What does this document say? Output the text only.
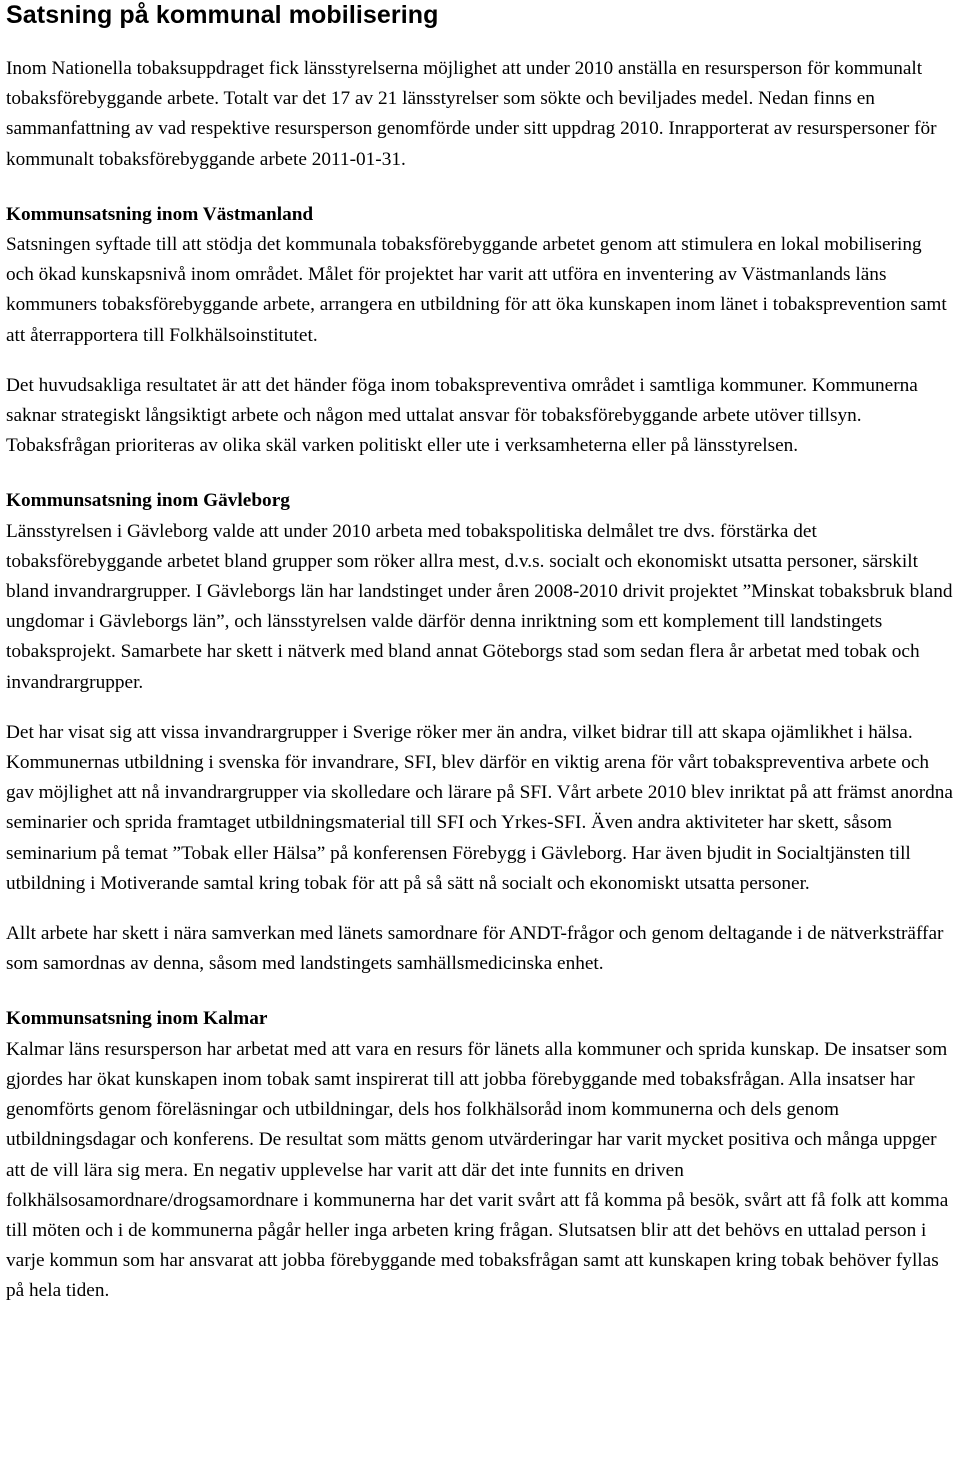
Satsning på kommunal mobilisering

Inom Nationella tobaksuppdraget fick länsstyrelserna möjlighet att under 2010 anställa en resursperson för kommunalt tobaksförebyggande arbete. Totalt var det 17 av 21 länsstyrelser som sökte och beviljades medel. Nedan finns en sammanfattning av vad respektive resursperson genomförde under sitt uppdrag 2010. Inrapporterat av resurspersoner för kommunalt tobaksförebyggande arbete 2011-01-31.

Kommunsatsning inom Västmanland

Satsningen syftade till att stödja det kommunala tobaksförebyggande arbetet genom att stimulera en lokal mobilisering och ökad kunskapsnivå inom området. Målet för projektet har varit att utföra en inventering av Västmanlands läns kommuners tobaksförebyggande arbete, arrangera en utbildning för att öka kunskapen inom länet i tobaksprevention samt att återrapportera till Folkhälsoinstitutet.

Det huvudsakliga resultatet är att det händer föga inom tobakspreventiva området i samtliga kommuner. Kommunerna saknar strategiskt långsiktigt arbete och någon med uttalat ansvar för tobaksförebyggande arbete utöver tillsyn. Tobaksfrågan prioriteras av olika skäl varken politiskt eller ute i verksamheterna eller på länsstyrelsen.

Kommunsatsning inom Gävleborg

Länsstyrelsen i Gävleborg valde att under 2010 arbeta med tobakspolitiska delmålet tre dvs. förstärka det tobaksförebyggande arbetet bland grupper som röker allra mest, d.v.s. socialt och ekonomiskt utsatta personer, särskilt bland invandrargrupper. I Gävleborgs län har landstinget under åren 2008-2010 drivit projektet ”Minskat tobaksbruk bland ungdomar i Gävleborgs län”, och länsstyrelsen valde därför denna inriktning som ett komplement till landstingets tobaksprojekt. Samarbete har skett i nätverk med bland annat Göteborgs stad som sedan flera år arbetat med tobak och invandrargrupper.

Det har visat sig att vissa invandrargrupper i Sverige röker mer än andra, vilket bidrar till att skapa ojämlikhet i hälsa. Kommunernas utbildning i svenska för invandrare, SFI, blev därför en viktig arena för vårt tobakspreventiva arbete och gav möjlighet att nå invandrargrupper via skolledare och lärare på SFI. Vårt arbete 2010 blev inriktat på att främst anordna seminarier och sprida framtaget utbildningsmaterial till SFI och Yrkes-SFI. Även andra aktiviteter har skett, såsom seminarium på temat ”Tobak eller Hälsa” på konferensen Förebygg i Gävleborg. Har även bjudit in Socialtjänsten till utbildning i Motiverande samtal kring tobak för att på så sätt nå socialt och ekonomiskt utsatta personer.

Allt arbete har skett i nära samverkan med länets samordnare för ANDT-frågor och genom deltagande i de nätverksträffar som samordnas av denna, såsom med landstingets samhällsmedicinska enhet.

Kommunsatsning inom Kalmar

Kalmar läns resursperson har arbetat med att vara en resurs för länets alla kommuner och sprida kunskap. De insatser som gjordes har ökat kunskapen inom tobak samt inspirerat till att jobba förebyggande med tobaksfrågan. Alla insatser har genomförts genom föreläsningar och utbildningar, dels hos folkhälsoråd inom kommunerna och dels genom utbildningsdagar och konferens. De resultat som mätts genom utvärderingar har varit mycket positiva och många uppger att de vill lära sig mera. En negativ upplevelse har varit att där det inte funnits en driven folkhälsosamordnare/drogsamordnare i kommunerna har det varit svårt att få komma på besök, svårt att få folk att komma till möten och i de kommunerna pågår heller inga arbeten kring frågan. Slutsatsen blir att det behövs en uttalad person i varje kommun som har ansvarat att jobba förebyggande med tobaksfrågan samt att kunskapen kring tobak behöver fyllas på hela tiden.
